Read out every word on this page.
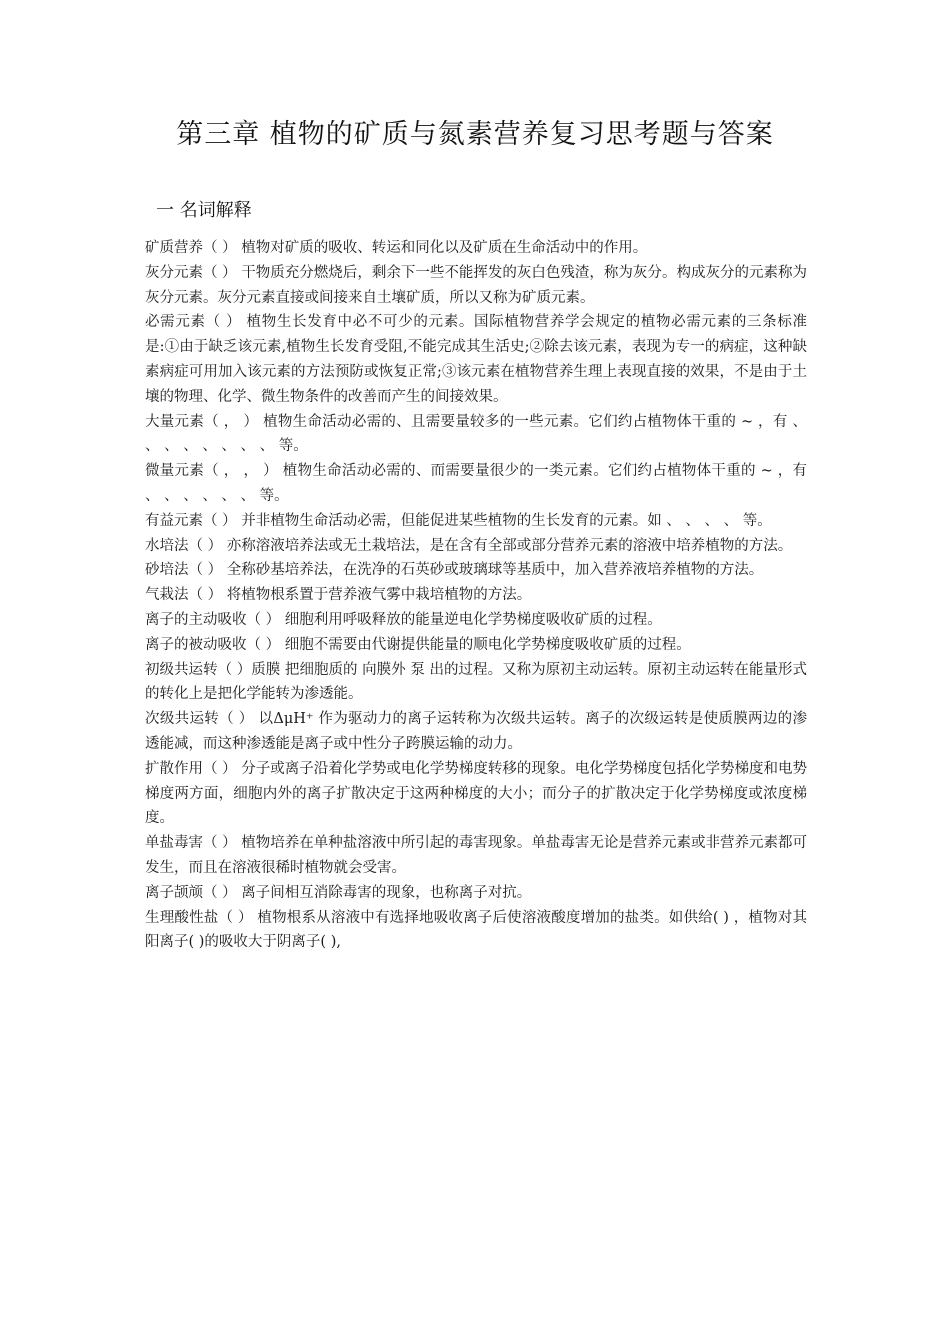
第三章 植物的矿质与氮素营养复习思考题与答案
一 名词解释

矿质营养（ ） 植物对矿质的吸收、转运和同化以及矿质在生命活动中的作用。

灰分元素（ ） 干物质充分燃烧后，剩余下一些不能挥发的灰白色残渣，称为灰分。构成灰分的元素称为灰分元素。灰分元素直接或间接来自土壤矿质，所以又称为矿质元素。

必需元素（ ） 植物生长发育中必不可少的元素。国际植物营养学会规定的植物必需元素的三条标准是:①由于缺乏该元素,植物生长发育受阻,不能完成其生活史;②除去该元素，表现为专一的病症，这种缺素病症可用加入该元素的方法预防或恢复正常;③该元素在植物营养生理上表现直接的效果，不是由于土壤的物理、化学、微生物条件的改善而产生的间接效果。

大量元素（ ， ） 植物生命活动必需的、且需要量较多的一些元素。它们约占植物体干重的 ~ ，有 、 、 、 、 、 、 、 、 等。

微量元素（ ， ， ） 植物生命活动必需的、而需要量很少的一类元素。它们约占植物体干重的 ~ ，有 、 、 、 、 、 、 等。

有益元素（ ） 并非植物生命活动必需，但能促进某些植物的生长发育的元素。如 、 、 、 、 等。

水培法（ ） 亦称溶液培养法或无土栽培法，是在含有全部或部分营养元素的溶液中培养植物的方法。

砂培法（ ） 全称砂基培养法，在洗净的石英砂或玻璃球等基质中，加入营养液培养植物的方法。

气栽法（ ） 将植物根系置于营养液气雾中栽培植物的方法。

离子的主动吸收（ ） 细胞利用呼吸释放的能量逆电化学势梯度吸收矿质的过程。

离子的被动吸收（ ） 细胞不需要由代谢提供能量的顺电化学势梯度吸收矿质的过程。

初级共运转（ ）质膜 把细胞质的 向膜外 泵 出的过程。又称为原初主动运转。原初主动运转在能量形式的转化上是把化学能转为渗透能。

次级共运转（ ） 以ΔμH⁺ 作为驱动力的离子运转称为次级共运转。离子的次级运转是使质膜两边的渗透能减，而这种渗透能是离子或中性分子跨膜运输的动力。

扩散作用（ ） 分子或离子沿着化学势或电化学势梯度转移的现象。电化学势梯度包括化学势梯度和电势梯度两方面，细胞内外的离子扩散决定于这两种梯度的大小；而分子的扩散决定于化学势梯度或浓度梯度。

单盐毒害（ ） 植物培养在单种盐溶液中所引起的毒害现象。单盐毒害无论是营养元素或非营养元素都可发生，而且在溶液很稀时植物就会受害。

离子颉颃（ ） 离子间相互消除毒害的现象，也称离子对抗。

生理酸性盐（ ） 植物根系从溶液中有选择地吸收离子后使溶液酸度增加的盐类。如供给( ) ，植物对其阳离子( )的吸收大于阴离子( ),
